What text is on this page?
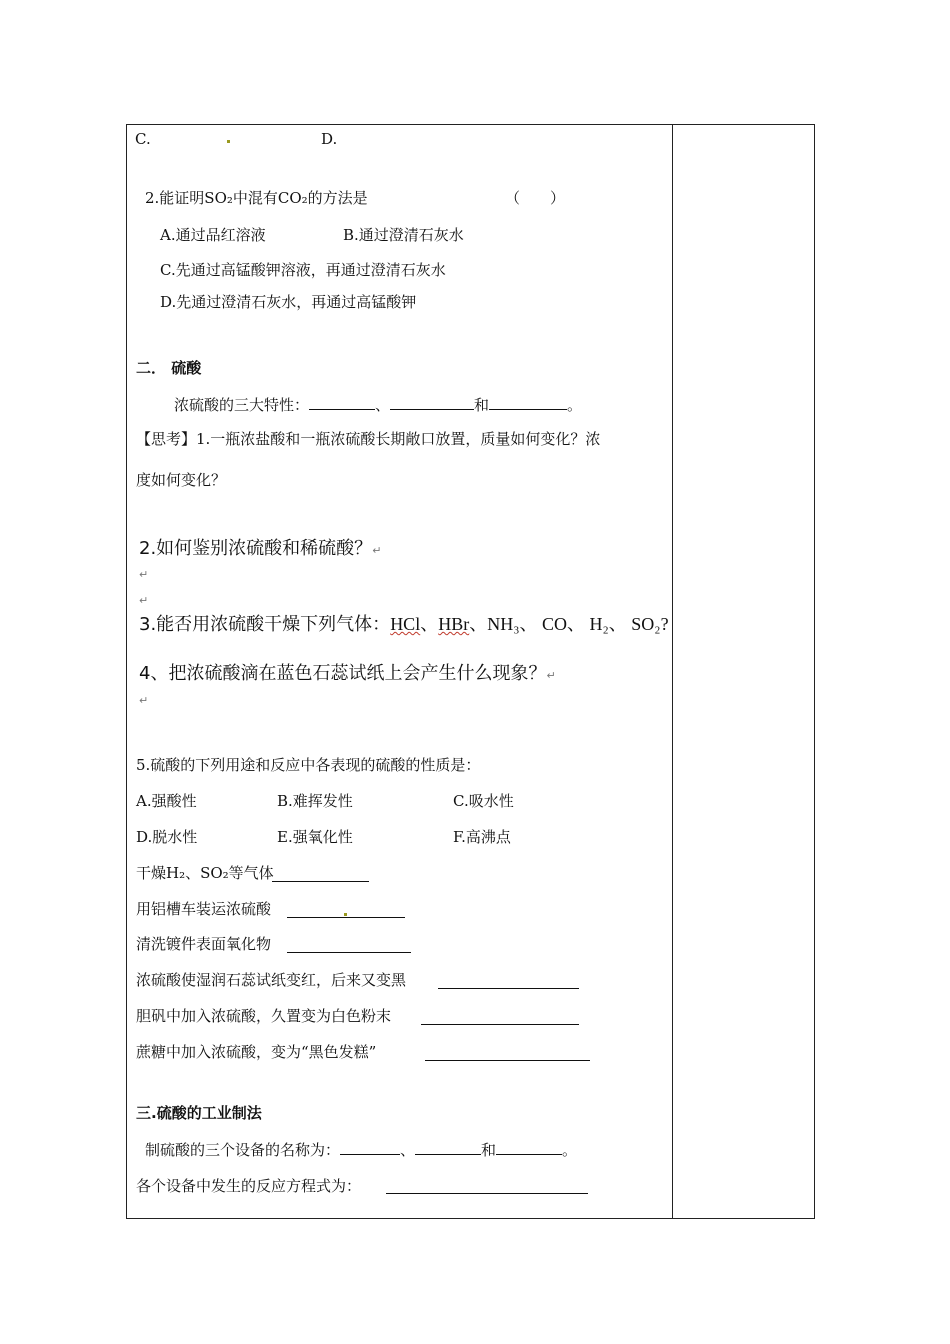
C.	D.
2.能证明SO₂中混有CO₂的方法是	（　　）
A.通过品红溶液	B.通过澄清石灰水
C.先通过高锰酸钾溶液，再通过澄清石灰水
D.先通过澄清石灰水，再通过高锰酸钾
二． 硫酸
浓硫酸的三大特性：	、	和	。
【思考】1.一瓶浓盐酸和一瓶浓硫酸长期敞口放置，质量如何变化？浓
度如何变化？
2.如何鉴别浓硫酸和稀硫酸？↵
↵
↵
3.能否用浓硫酸干燥下列气体：HCl、HBr、NH₃、 CO、 H₂、 SO₂?
4、把浓硫酸滴在蓝色石蕊试纸上会产生什么现象？↵
↵
5.硫酸的下列用途和反应中各表现的硫酸的性质是：
A.强酸性	B.难挥发性	C.吸水性
D.脱水性	E.强氧化性	F.高沸点
干燥H₂、SO₂等气体
用铝槽车装运浓硫酸
清洗镀件表面氧化物
浓硫酸使湿润石蕊试纸变红，后来又变黑
胆矾中加入浓硫酸，久置变为白色粉末
蔗糖中加入浓硫酸，变为“黑色发糕”
三.硫酸的工业制法
制硫酸的三个设备的名称为：	、	和	。
各个设备中发生的反应方程式为：
